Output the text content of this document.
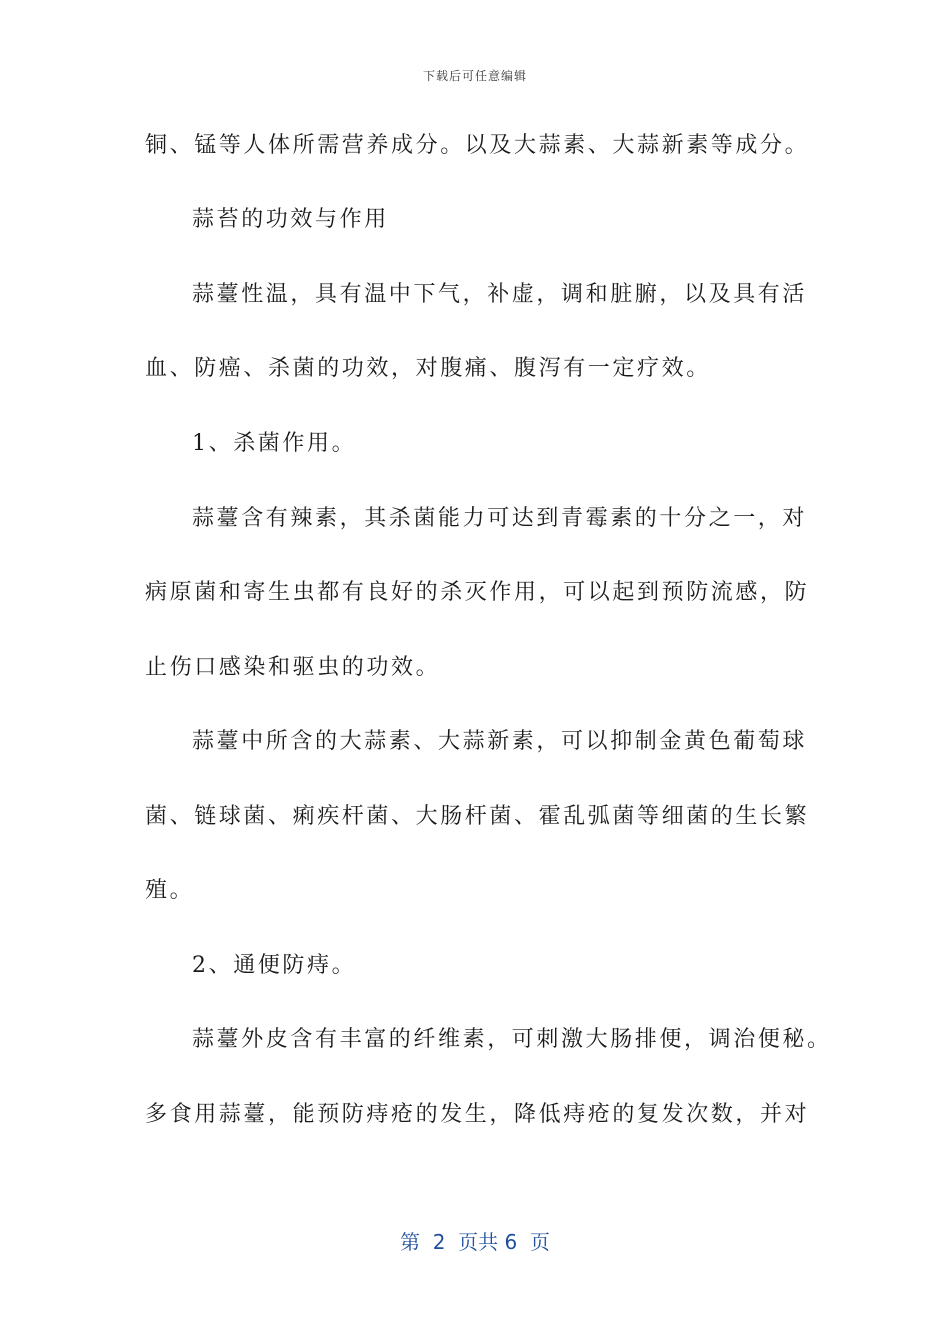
下载后可任意编辑
铜、锰等人体所需营养成分。以及大蒜素、大蒜新素等成分。
蒜苔的功效与作用
蒜薹性温，具有温中下气，补虚，调和脏腑，以及具有活
血、防癌、杀菌的功效，对腹痛、腹泻有一定疗效。
1、杀菌作用。
蒜薹含有辣素，其杀菌能力可达到青霉素的十分之一，对
病原菌和寄生虫都有良好的杀灭作用，可以起到预防流感，防
止伤口感染和驱虫的功效。
蒜薹中所含的大蒜素、大蒜新素，可以抑制金黄色葡萄球
菌、链球菌、痢疾杆菌、大肠杆菌、霍乱弧菌等细菌的生长繁
殖。
2、通便防痔。
蒜薹外皮含有丰富的纤维素，可刺激大肠排便，调治便秘。
多食用蒜薹，能预防痔疮的发生，降低痔疮的复发次数，并对
第  2  页共 6  页
